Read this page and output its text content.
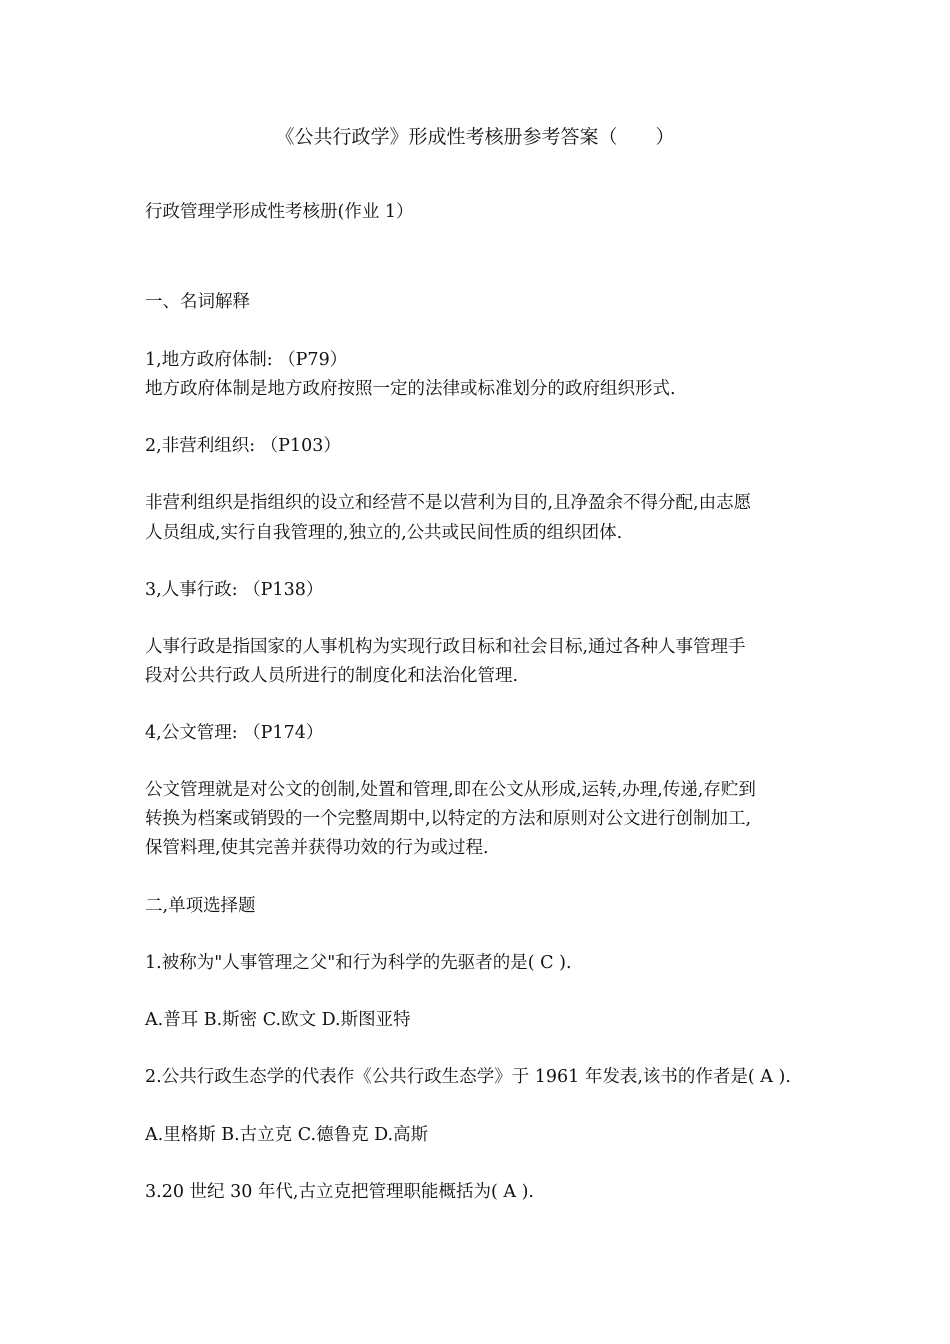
《公共行政学》形成性考核册参考答案（　　）
行政管理学形成性考核册(作业 1）
一、名词解释
1,地方政府体制: （P79）
地方政府体制是地方政府按照一定的法律或标准划分的政府组织形式.
2,非营利组织: （P103）
非营利组织是指组织的设立和经营不是以营利为目的,且净盈余不得分配,由志愿
人员组成,实行自我管理的,独立的,公共或民间性质的组织团体.
3,人事行政: （P138）
人事行政是指国家的人事机构为实现行政目标和社会目标,通过各种人事管理手
段对公共行政人员所进行的制度化和法治化管理.
4,公文管理: （P174）
公文管理就是对公文的创制,处置和管理,即在公文从形成,运转,办理,传递,存贮到
转换为档案或销毁的一个完整周期中,以特定的方法和原则对公文进行创制加工,
保管料理,使其完善并获得功效的行为或过程.
二,单项选择题
1.被称为"人事管理之父"和行为科学的先驱者的是( C ).
A.普耳 B.斯密 C.欧文 D.斯图亚特
2.公共行政生态学的代表作《公共行政生态学》于 1961 年发表,该书的作者是( A ).
A.里格斯 B.古立克 C.德鲁克 D.高斯
3.20 世纪 30 年代,古立克把管理职能概括为( A ).
